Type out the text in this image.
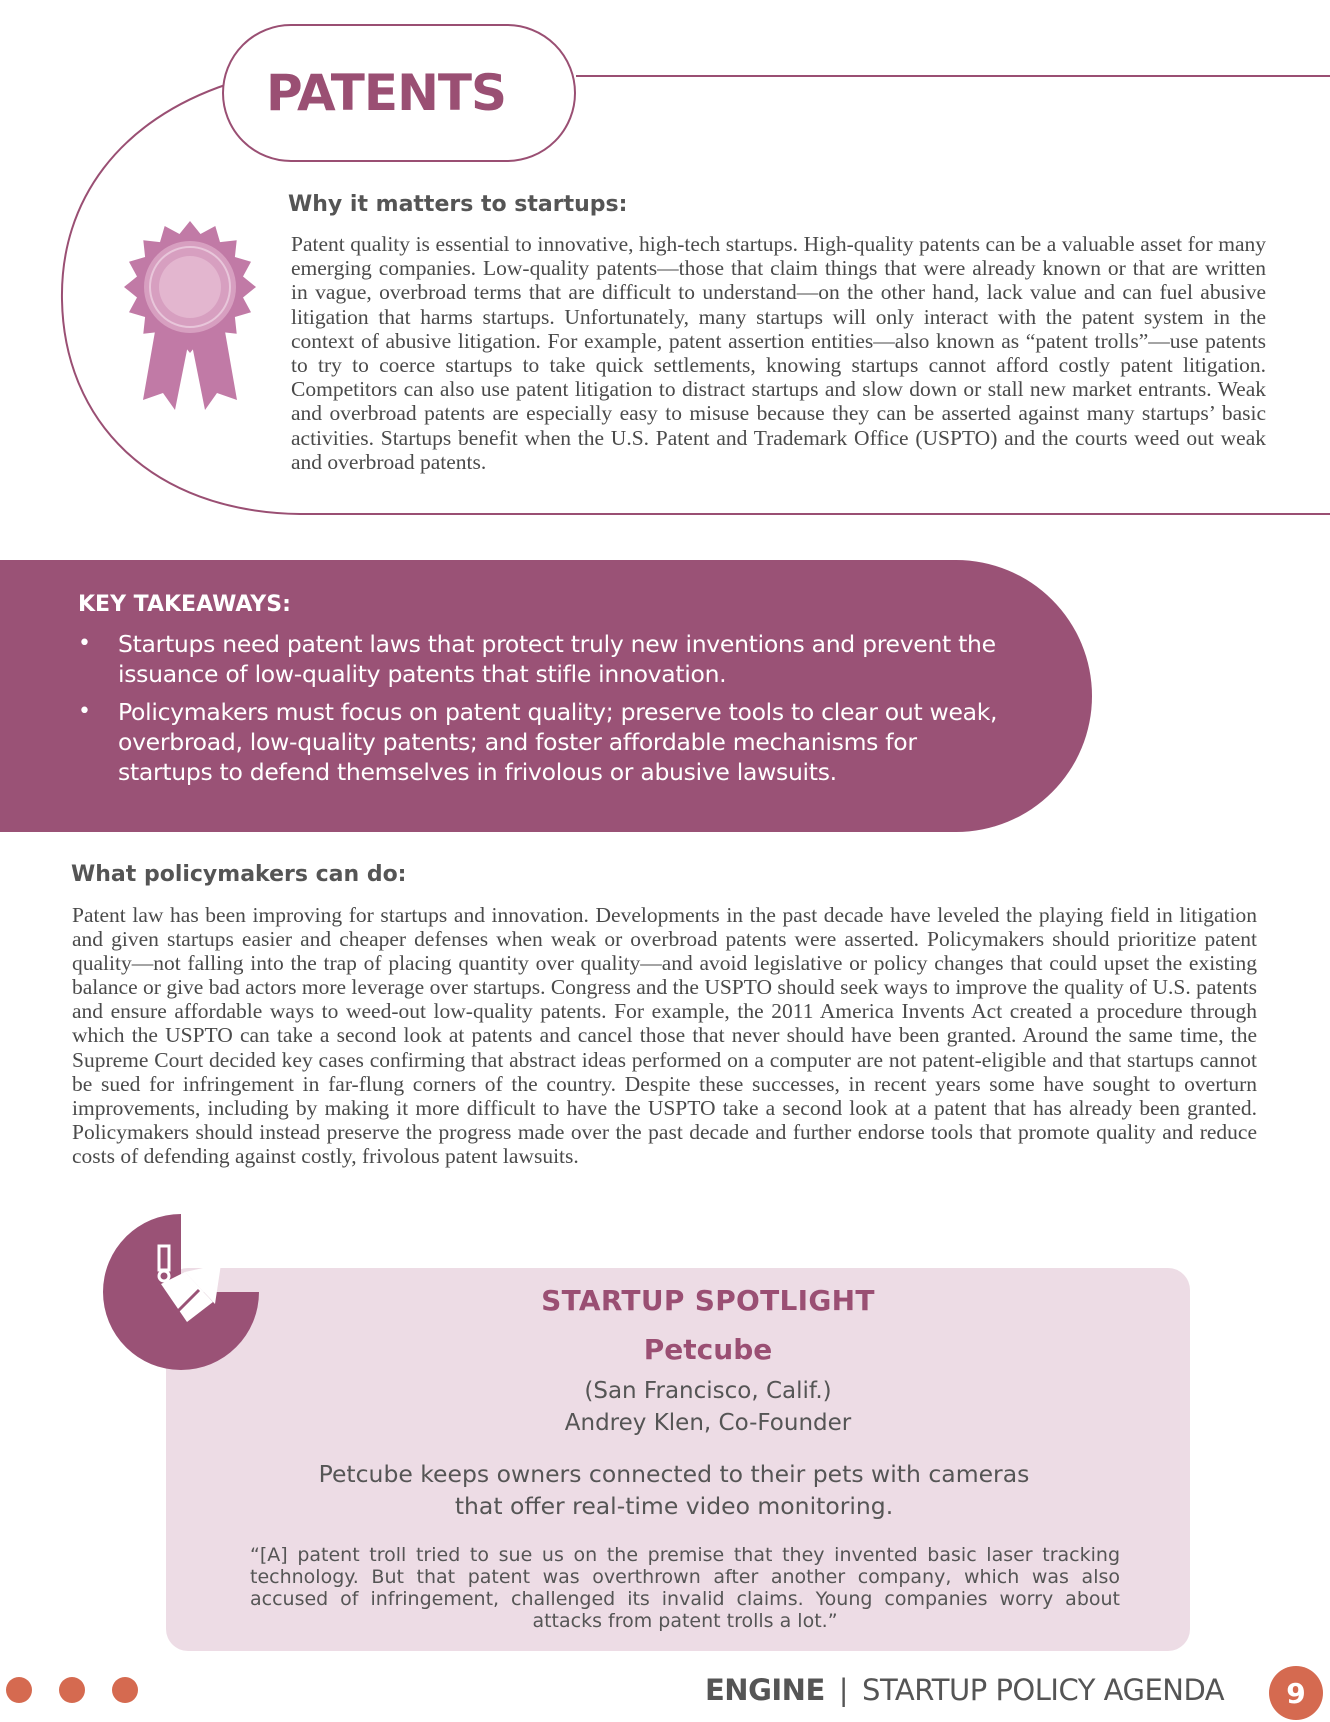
PATENTS
Why it matters to startups:

Patent quality is essential to innovative, high-tech startups. High-quality patents can be a valuable asset for many emerging companies. Low-quality patents—those that claim things that were already known or that are written in vague, overbroad terms that are difficult to understand—on the other hand, lack value and can fuel abusive litigation that harms startups. Unfortunately, many startups will only interact with the patent system in the context of abusive litigation. For example, patent assertion entities—also known as “patent trolls”—use patents to try to coerce startups to take quick settlements, knowing startups cannot afford costly patent litigation. Competitors can also use patent litigation to distract startups and slow down or stall new market entrants. Weak and overbroad patents are especially easy to misuse because they can be asserted against many startups’ basic activities. Startups benefit when the U.S. Patent and Trademark Office (USPTO) and the courts weed out weak and overbroad patents.

KEY TAKEAWAYS:
• Startups need patent laws that protect truly new inventions and prevent the issuance of low-quality patents that stifle innovation.
• Policymakers must focus on patent quality; preserve tools to clear out weak, overbroad, low-quality patents; and foster affordable mechanisms for startups to defend themselves in frivolous or abusive lawsuits.
What policymakers can do:

Patent law has been improving for startups and innovation. Developments in the past decade have leveled the playing field in litigation and given startups easier and cheaper defenses when weak or overbroad patents were asserted. Policymakers should prioritize patent quality—not falling into the trap of placing quantity over quality—and avoid legislative or policy changes that could upset the existing balance or give bad actors more leverage over startups. Congress and the USPTO should seek ways to improve the quality of U.S. patents and ensure affordable ways to weed-out low-quality patents. For example, the 2011 America Invents Act created a procedure through which the USPTO can take a second look at patents and cancel those that never should have been granted. Around the same time, the Supreme Court decided key cases confirming that abstract ideas performed on a computer are not patent-eligible and that startups cannot be sued for infringement in far-flung corners of the country. Despite these successes, in recent years some have sought to overturn improvements, including by making it more difficult to have the USPTO take a second look at a patent that has already been granted. Policymakers should instead preserve the progress made over the past decade and further endorse tools that promote quality and reduce costs of defending against costly, frivolous patent lawsuits.

STARTUP SPOTLIGHT
Petcube
(San Francisco, Calif.)
Andrey Klen, Co-Founder
Petcube keeps owners connected to their pets with cameras that offer real-time video monitoring.
“[A] patent troll tried to sue us on the premise that they invented basic laser tracking technology. But that patent was overthrown after another company, which was also accused of infringement, challenged its invalid claims. Young companies worry about attacks from patent trolls a lot.”
ENGINE | STARTUP POLICY AGENDA	9
